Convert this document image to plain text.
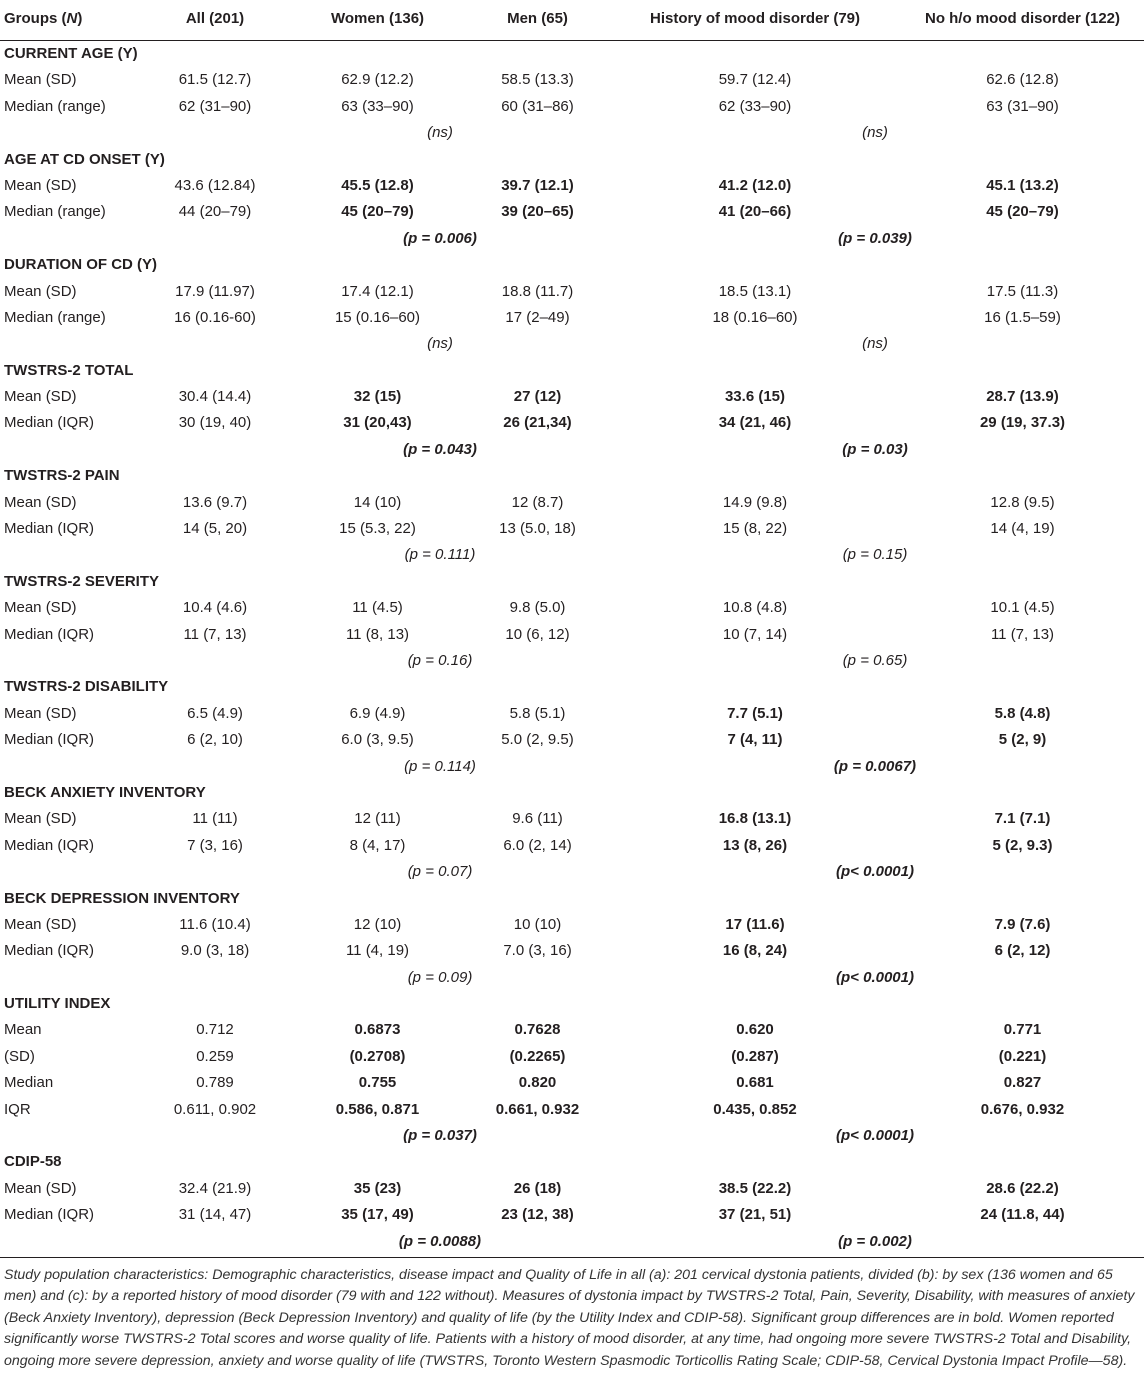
Groups (N)	All (201)	Women (136)	Men (65)	History of mood disorder (79)	No h/o mood disorder (122)
CURRENT AGE (Y)
Mean (SD)	61.5 (12.7)	62.9 (12.2)	58.5 (13.3)	59.7 (12.4)	62.6 (12.8)
Median (range)	62 (31–90)	63 (33–90)	60 (31–86)	62 (33–90)	63 (31–90)
(ns)	(ns)
AGE AT CD ONSET (Y)
Mean (SD)	43.6 (12.84)	45.5 (12.8)	39.7 (12.1)	41.2 (12.0)	45.1 (13.2)
Median (range)	44 (20–79)	45 (20–79)	39 (20–65)	41 (20–66)	45 (20–79)
(p = 0.006)	(p = 0.039)
DURATION OF CD (Y)
Mean (SD)	17.9 (11.97)	17.4 (12.1)	18.8 (11.7)	18.5 (13.1)	17.5 (11.3)
Median (range)	16 (0.16-60)	15 (0.16–60)	17 (2–49)	18 (0.16–60)	16 (1.5–59)
(ns)	(ns)
TWSTRS-2 TOTAL
Mean (SD)	30.4 (14.4)	32 (15)	27 (12)	33.6 (15)	28.7 (13.9)
Median (IQR)	30 (19, 40)	31 (20,43)	26 (21,34)	34 (21, 46)	29 (19, 37.3)
(p = 0.043)	(p = 0.03)
TWSTRS-2 PAIN
Mean (SD)	13.6 (9.7)	14 (10)	12 (8.7)	14.9 (9.8)	12.8 (9.5)
Median (IQR)	14 (5, 20)	15 (5.3, 22)	13 (5.0, 18)	15 (8, 22)	14 (4, 19)
(p = 0.111)	(p = 0.15)
TWSTRS-2 SEVERITY
Mean (SD)	10.4 (4.6)	11 (4.5)	9.8 (5.0)	10.8 (4.8)	10.1 (4.5)
Median (IQR)	11 (7, 13)	11 (8, 13)	10 (6, 12)	10 (7, 14)	11 (7, 13)
(p = 0.16)	(p = 0.65)
TWSTRS-2 DISABILITY
Mean (SD)	6.5 (4.9)	6.9 (4.9)	5.8 (5.1)	7.7 (5.1)	5.8 (4.8)
Median (IQR)	6 (2, 10)	6.0 (3, 9.5)	5.0 (2, 9.5)	7 (4, 11)	5 (2, 9)
(p = 0.114)	(p = 0.0067)
BECK ANXIETY INVENTORY
Mean (SD)	11 (11)	12 (11)	9.6 (11)	16.8 (13.1)	7.1 (7.1)
Median (IQR)	7 (3, 16)	8 (4, 17)	6.0 (2, 14)	13 (8, 26)	5 (2, 9.3)
(p = 0.07)	(p< 0.0001)
BECK DEPRESSION INVENTORY
Mean (SD)	11.6 (10.4)	12 (10)	10 (10)	17 (11.6)	7.9 (7.6)
Median (IQR)	9.0 (3, 18)	11 (4, 19)	7.0 (3, 16)	16 (8, 24)	6 (2, 12)
(p = 0.09)	(p< 0.0001)
UTILITY INDEX
Mean	0.712	0.6873	0.7628	0.620	0.771
(SD)	0.259	(0.2708)	(0.2265)	(0.287)	(0.221)
Median	0.789	0.755	0.820	0.681	0.827
IQR	0.611, 0.902	0.586, 0.871	0.661, 0.932	0.435, 0.852	0.676, 0.932
(p = 0.037)	(p< 0.0001)
CDIP-58
Mean (SD)	32.4 (21.9)	35 (23)	26 (18)	38.5 (22.2)	28.6 (22.2)
Median (IQR)	31 (14, 47)	35 (17, 49)	23 (12, 38)	37 (21, 51)	24 (11.8, 44)
(p = 0.0088)	(p = 0.002)
Study population characteristics: Demographic characteristics, disease impact and Quality of Life in all (a): 201 cervical dystonia patients, divided (b): by sex (136 women and 65 men) and (c): by a reported history of mood disorder (79 with and 122 without). Measures of dystonia impact by TWSTRS-2 Total, Pain, Severity, Disability, with measures of anxiety (Beck Anxiety Inventory), depression (Beck Depression Inventory) and quality of life (by the Utility Index and CDIP-58). Significant group differences are in bold. Women reported significantly worse TWSTRS-2 Total scores and worse quality of life. Patients with a history of mood disorder, at any time, had ongoing more severe TWSTRS-2 Total and Disability, ongoing more severe depression, anxiety and worse quality of life (TWSTRS, Toronto Western Spasmodic Torticollis Rating Scale; CDIP-58, Cervical Dystonia Impact Profile—58).
